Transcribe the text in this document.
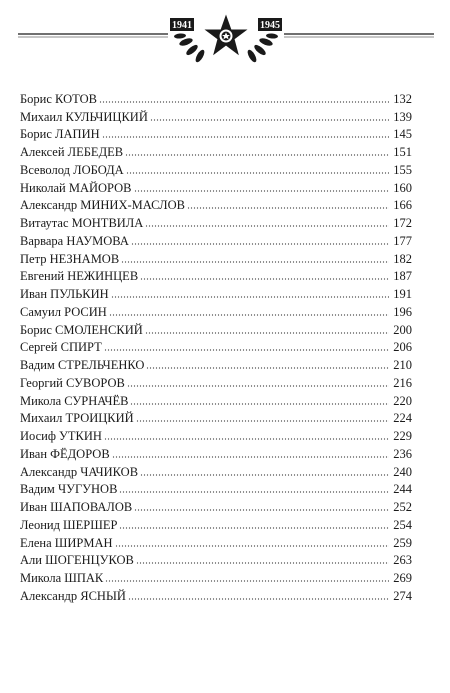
1941	1945
Борис КОТОВ	132
Михаил КУЛЬЧИЦКИЙ	139
Борис ЛАПИН	145
Алексей ЛЕБЕДЕВ	151
Всеволод ЛОБОДА	155
Николай МАЙОРОВ	160
Александр МИНИХ-МАСЛОВ	166
Витаутас МОНТВИЛА	172
Варвара НАУМОВА	177
Петр НЕЗНАМОВ	182
Евгений НЕЖИНЦЕВ	187
Иван ПУЛЬКИН	191
Самуил РОСИН	196
Борис СМОЛЕНСКИЙ	200
Сергей СПИРТ	206
Вадим СТРЕЛЬЧЕНКО	210
Георгий СУВОРОВ	216
Микола СУРНАЧЁВ	220
Михаил ТРОИЦКИЙ	224
Иосиф УТКИН	229
Иван ФЁДОРОВ	236
Александр ЧАЧИКОВ	240
Вадим ЧУГУНОВ	244
Иван ШАПОВАЛОВ	252
Леонид ШЕРШЕР	254
Елена ШИРМАН	259
Али ШОГЕНЦУКОВ	263
Микола ШПАК	269
Александр ЯСНЫЙ	274
